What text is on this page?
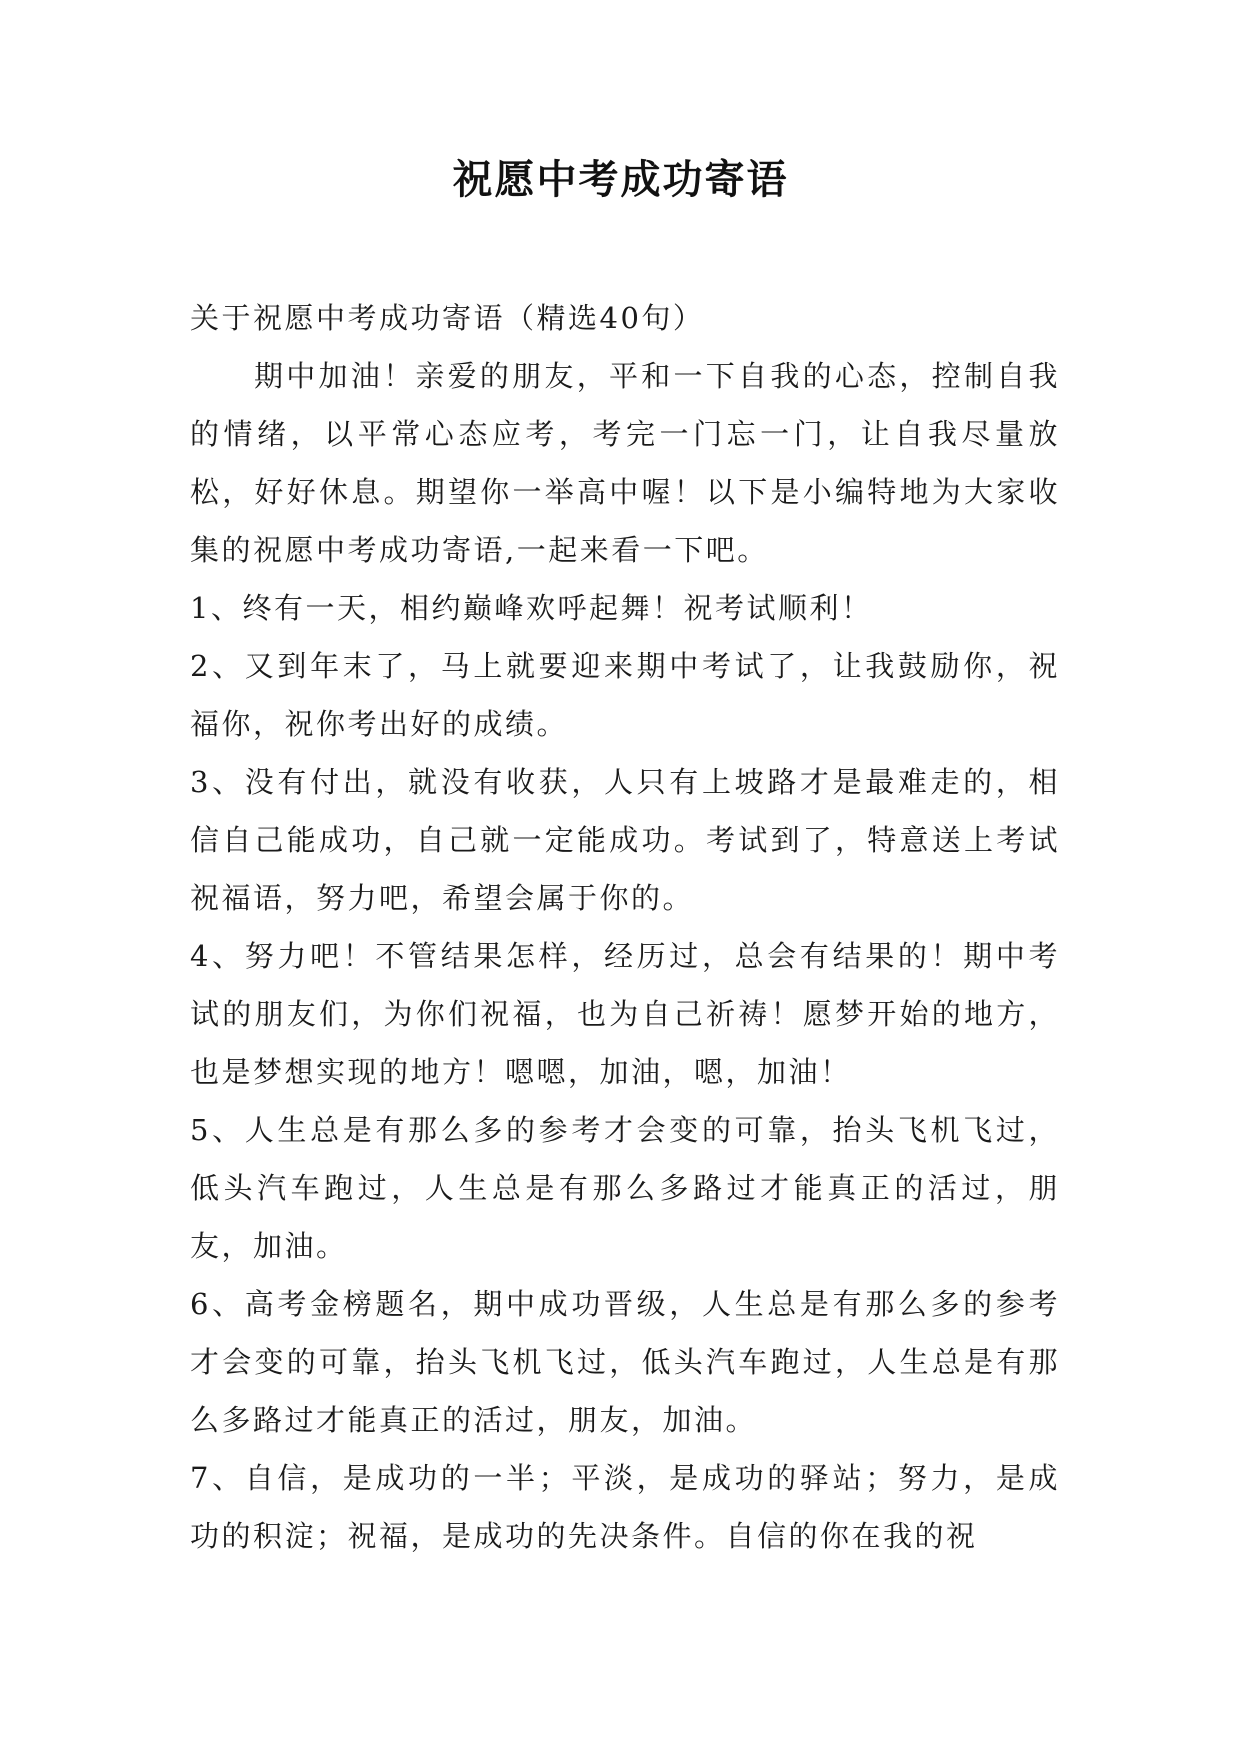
祝愿中考成功寄语

关于祝愿中考成功寄语（精选40句）

期中加油！亲爱的朋友，平和一下自我的心态，控制自我的情绪，以平常心态应考，考完一门忘一门，让自我尽量放松，好好休息。期望你一举高中喔！以下是小编特地为大家收集的祝愿中考成功寄语,一起来看一下吧。

1、终有一天，相约巅峰欢呼起舞！祝考试顺利！

2、又到年末了，马上就要迎来期中考试了，让我鼓励你，祝福你，祝你考出好的成绩。

3、没有付出，就没有收获，人只有上坡路才是最难走的，相信自己能成功，自己就一定能成功。考试到了，特意送上考试祝福语，努力吧，希望会属于你的。

4、努力吧！不管结果怎样，经历过，总会有结果的！期中考试的朋友们，为你们祝福，也为自己祈祷！愿梦开始的地方，也是梦想实现的地方！嗯嗯，加油，嗯，加油！

5、人生总是有那么多的参考才会变的可靠，抬头飞机飞过，低头汽车跑过，人生总是有那么多路过才能真正的活过，朋友，加油。

6、高考金榜题名，期中成功晋级，人生总是有那么多的参考才会变的可靠，抬头飞机飞过，低头汽车跑过，人生总是有那么多路过才能真正的活过，朋友，加油。

7、自信，是成功的一半；平淡，是成功的驿站；努力，是成功的积淀；祝福，是成功的先决条件。自信的你在我的祝
